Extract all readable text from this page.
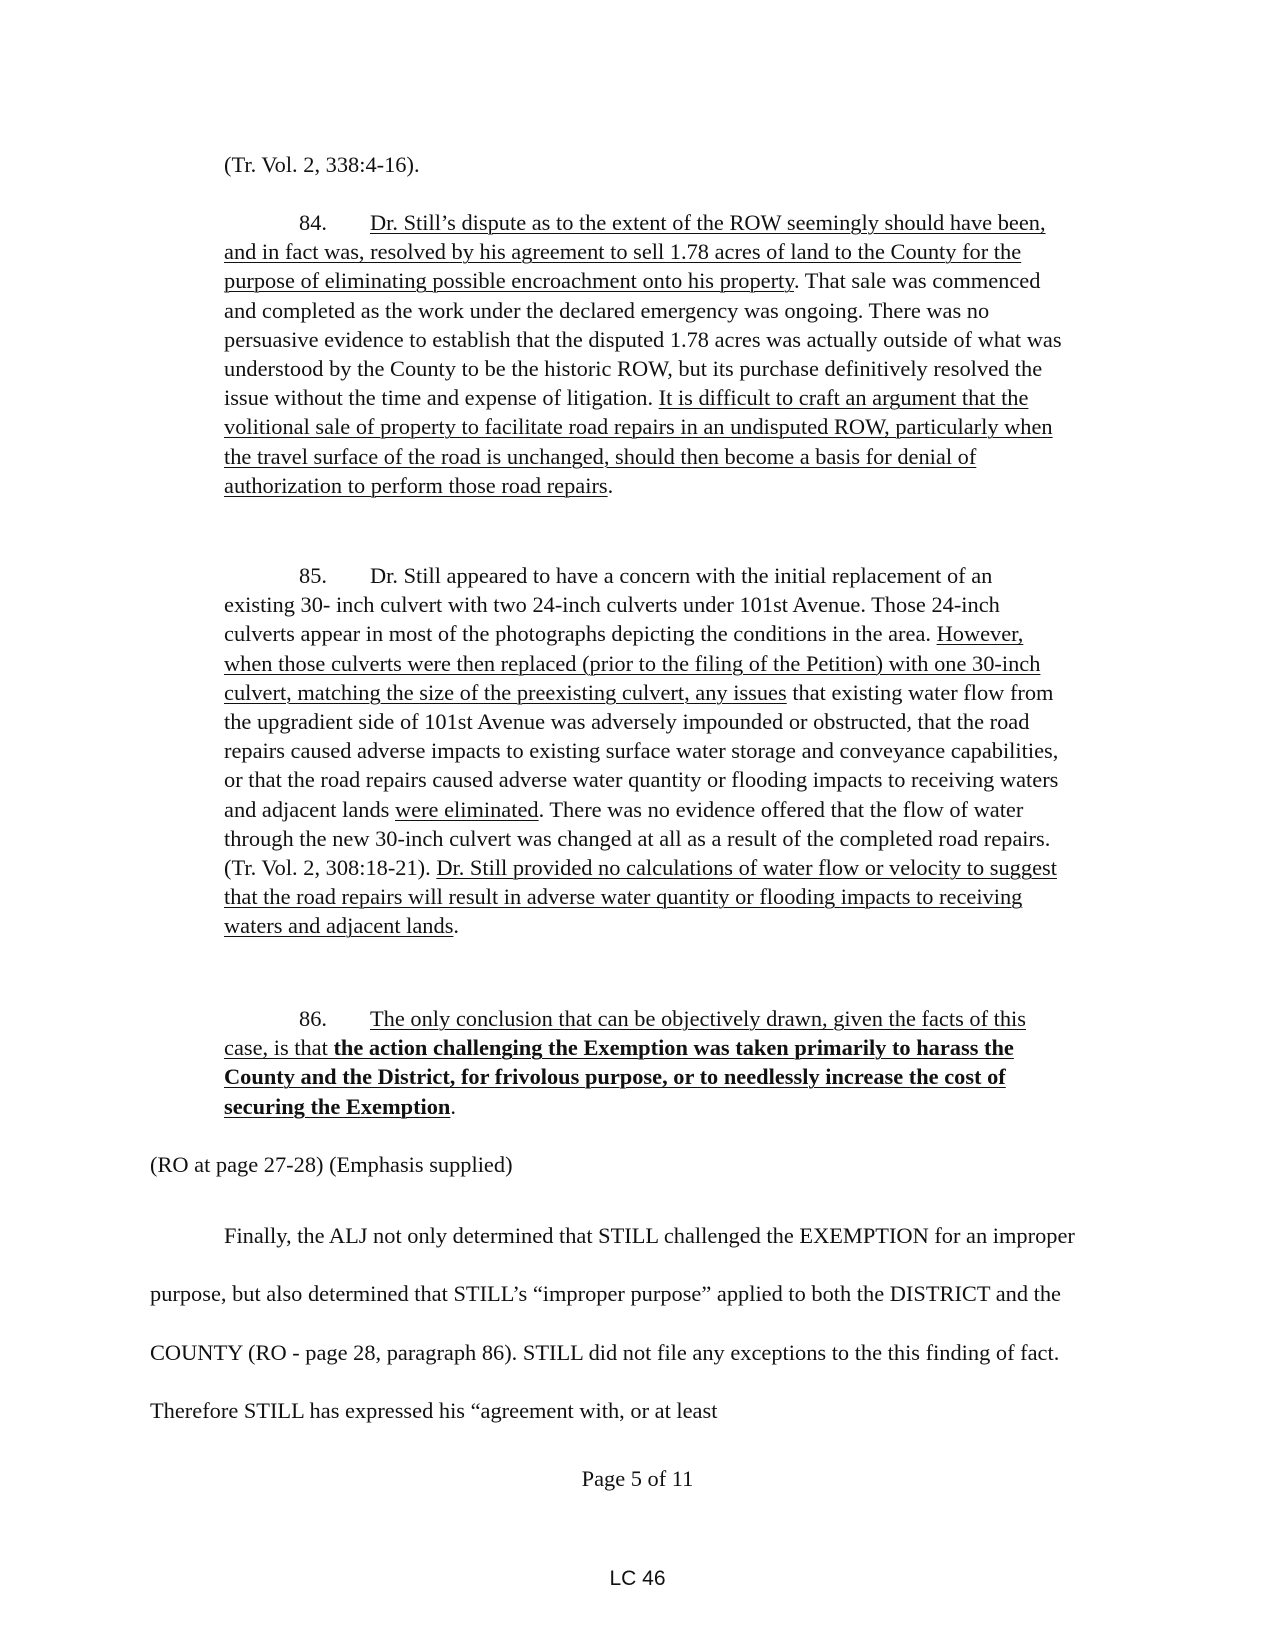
(Tr. Vol. 2, 338:4-16).

84. Dr. Still’s dispute as to the extent of the ROW seemingly should have been, and in fact was, resolved by his agreement to sell 1.78 acres of land to the County for the purpose of eliminating possible encroachment onto his property. That sale was commenced and completed as the work under the declared emergency was ongoing. There was no persuasive evidence to establish that the disputed 1.78 acres was actually outside of what was understood by the County to be the historic ROW, but its purchase definitively resolved the issue without the time and expense of litigation. It is difficult to craft an argument that the volitional sale of property to facilitate road repairs in an undisputed ROW, particularly when the travel surface of the road is unchanged, should then become a basis for denial of authorization to perform those road repairs.

85. Dr. Still appeared to have a concern with the initial replacement of an existing 30- inch culvert with two 24-inch culverts under 101st Avenue. Those 24-inch culverts appear in most of the photographs depicting the conditions in the area. However, when those culverts were then replaced (prior to the filing of the Petition) with one 30-inch culvert, matching the size of the preexisting culvert, any issues that existing water flow from the upgradient side of 101st Avenue was adversely impounded or obstructed, that the road repairs caused adverse impacts to existing surface water storage and conveyance capabilities, or that the road repairs caused adverse water quantity or flooding impacts to receiving waters and adjacent lands were eliminated. There was no evidence offered that the flow of water through the new 30-inch culvert was changed at all as a result of the completed road repairs. (Tr. Vol. 2, 308:18-21). Dr. Still provided no calculations of water flow or velocity to suggest that the road repairs will result in adverse water quantity or flooding impacts to receiving waters and adjacent lands.

86. The only conclusion that can be objectively drawn, given the facts of this case, is that the action challenging the Exemption was taken primarily to harass the County and the District, for frivolous purpose, or to needlessly increase the cost of securing the Exemption.

(RO at page 27-28) (Emphasis supplied)

Finally, the ALJ not only determined that STILL challenged the EXEMPTION for an improper purpose, but also determined that STILL’s “improper purpose” applied to both the DISTRICT and the COUNTY (RO - page 28, paragraph 86). STILL did not file any exceptions to the this finding of fact. Therefore STILL has expressed his “agreement with, or at least

Page 5 of 11
LC 46
